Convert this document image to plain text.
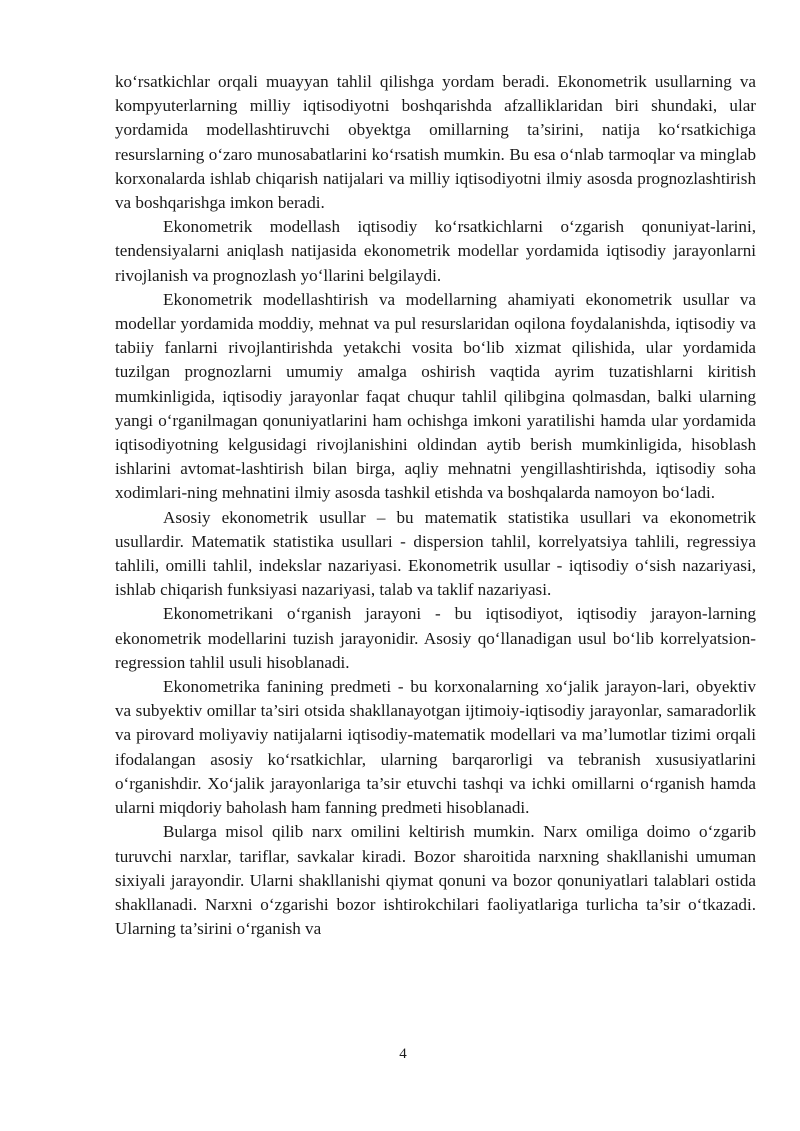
ko‘rsatkichlar orqali muayyan tahlil qilishga yordam beradi. Ekonometrik usullarning va kompyuterlarning milliy iqtisodiyotni boshqarishda afzalliklaridan biri shundaki, ular yordamida modellashtiruvchi obyektga omillarning ta’sirini, natija ko‘rsatkichiga resurslarning o‘zaro munosabatlarini ko‘rsatish mumkin. Bu esa o‘nlab tarmoqlar va minglab korxonalarda ishlab chiqarish natijalari va milliy iqtisodiyotni ilmiy asosda prognozlashtirish va boshqarishga imkon beradi.

Ekonometrik modellash iqtisodiy ko‘rsatkichlarni o‘zgarish qonuniyat-larini, tendensiyalarni aniqlash natijasida ekonometrik modellar yordamida iqtisodiy jarayonlarni rivojlanish va prognozlash yo‘llarini belgilaydi.

Ekonometrik modellashtirish va modellarning ahamiyati ekonometrik usullar va modellar yordamida moddiy, mehnat va pul resurslaridan oqilona foydalanishda, iqtisodiy va tabiiy fanlarni rivojlantirishda yetakchi vosita bo‘lib xizmat qilishida, ular yordamida tuzilgan prognozlarni umumiy amalga oshirish vaqtida ayrim tuzatishlarni kiritish mumkinligida, iqtisodiy jarayonlar faqat chuqur tahlil qilibgina qolmasdan, balki ularning yangi o‘rganilmagan qonuniyatlarini ham ochishga imkoni yaratilishi hamda ular yordamida iqtisodiyotning kelgusidagi rivojlanishini oldindan aytib berish mumkinligida, hisoblash ishlarini avtomat-lashtirish bilan birga, aqliy mehnatni yengillashtirishda, iqtisodiy soha xodimlari-ning mehnatini ilmiy asosda tashkil etishda va boshqalarda namoyon bo‘ladi.

Asosiy ekonometrik usullar – bu matematik statistika usullari va ekonometrik usullardir. Matematik statistika usullari - dispersion tahlil, korrelyatsiya tahlili, regressiya tahlili, omilli tahlil, indekslar nazariyasi. Ekonometrik usullar - iqtisodiy o‘sish nazariyasi, ishlab chiqarish funksiyasi nazariyasi, talab va taklif nazariyasi.

Ekonometrikani o‘rganish jarayoni - bu iqtisodiyot, iqtisodiy jarayon-larning ekonometrik modellarini tuzish jarayonidir. Asosiy qo‘llanadigan usul bo‘lib korrelyatsion-regression tahlil usuli hisoblanadi.

Ekonometrika fanining predmeti - bu korxonalarning xo‘jalik jarayon-lari, obyektiv va subyektiv omillar ta’siri otsida shakllanayotgan ijtimoiy-iqtisodiy jarayonlar, samaradorlik va pirovard moliyaviy natijalarni iqtisodiy-matematik modellari va ma’lumotlar tizimi orqali ifodalangan asosiy ko‘rsatkichlar, ularning barqarorligi va tebranish xususiyatlarini o‘rganishdir. Xo‘jalik jarayonlariga ta’sir etuvchi tashqi va ichki omillarni o‘rganish hamda ularni miqdoriy baholash ham fanning predmeti hisoblanadi.

Bularga misol qilib narx omilini keltirish mumkin. Narx omiliga doimo o‘zgarib turuvchi narxlar, tariflar, savkalar kiradi. Bozor sharoitida narxning shakllanishi umuman sixiyali jarayondir. Ularni shakllanishi qiymat qonuni va bozor qonuniyatlari talablari ostida shakllanadi. Narxni o‘zgarishi bozor ishtirokchilari faoliyatlariga turlicha ta’sir o‘tkazadi. Ularning ta’sirini o‘rganish va

4
